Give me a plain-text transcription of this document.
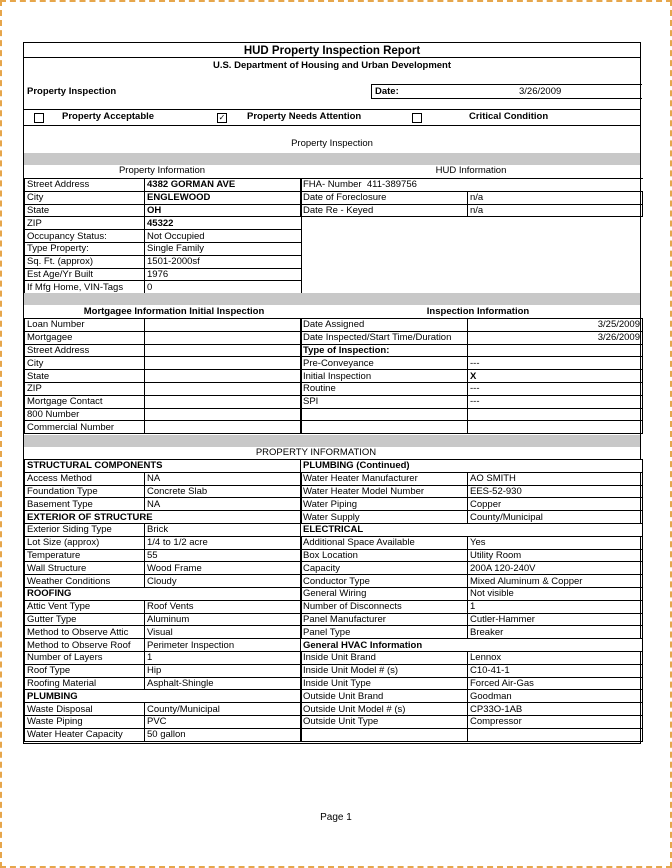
HUD Property Inspection Report
U.S. Department of Housing and Urban Development
Property Inspection	Date:	3/26/2009
Property Acceptable	✓ Property Needs Attention	Critical Condition
Property Inspection
Property Information	HUD Information
Street Address	4382 GORMAN AVE
City	ENGLEWOOD
State	OH
ZIP	45322
Occupancy Status:	Not Occupied
Type Property:	Single Family
Sq. Ft. (approx)	1501-2000sf
Est Age/Yr Built	1976
If Mfg Home, VIN-Tags	0
FHA- Number 411-389756	
Date of Foreclosure	n/a
Date Re - Keyed	n/a

Mortgagee Information Initial Inspection	Inspection Information
Loan Number	
Mortgagee	
Street Address	
City	
State	
ZIP	
Mortgage Contact	
800 Number	
Commercial Number	
Date Assigned	3/25/2009
Date Inspected/Start Time/Duration	3/26/2009
Type of Inspection:	
Pre-Conveyance	---
Initial Inspection	X
Routine	---
SPI	---

PROPERTY INFORMATION
STRUCTURAL COMPONENTS	
Access Method	NA
Foundation Type	Concrete Slab
Basement Type	NA
EXTERIOR OF STRUCTURE	
Exterior Siding Type	Brick
Lot Size (approx)	1/4 to 1/2 acre
Temperature	55
Wall Structure	Wood Frame
Weather Conditions	Cloudy
ROOFING	
Attic Vent Type	Roof Vents
Gutter Type	Aluminum
Method to Observe Attic	Visual
Method to Observe Roof	Perimeter Inspection
Number of Layers	1
Roof Type	Hip
Roofing Material	Asphalt-Shingle
PLUMBING	
Waste Disposal	County/Municipal
Waste Piping	PVC
Water Heater Capacity	50 gallon
PLUMBING (Continued)	
Water Heater Manufacturer	AO SMITH
Water Heater Model Number	EES-52-930
Water Piping	Copper
Water Supply	County/Municipal
ELECTRICAL	
Additional Space Available	Yes
Box Location	Utility Room
Capacity	200A 120-240V
Conductor Type	Mixed Aluminum & Copper
General Wiring	Not visible
Number of Disconnects	1
Panel Manufacturer	Cutler-Hammer
Panel Type	Breaker
General HVAC Information	
Inside Unit Brand	Lennox
Inside Unit Model # (s)	C10-41-1
Inside Unit Type	Forced Air-Gas
Outside Unit Brand	Goodman
Outside Unit Model # (s)	CP33O-1AB
Outside Unit Type	Compressor

Page 1
